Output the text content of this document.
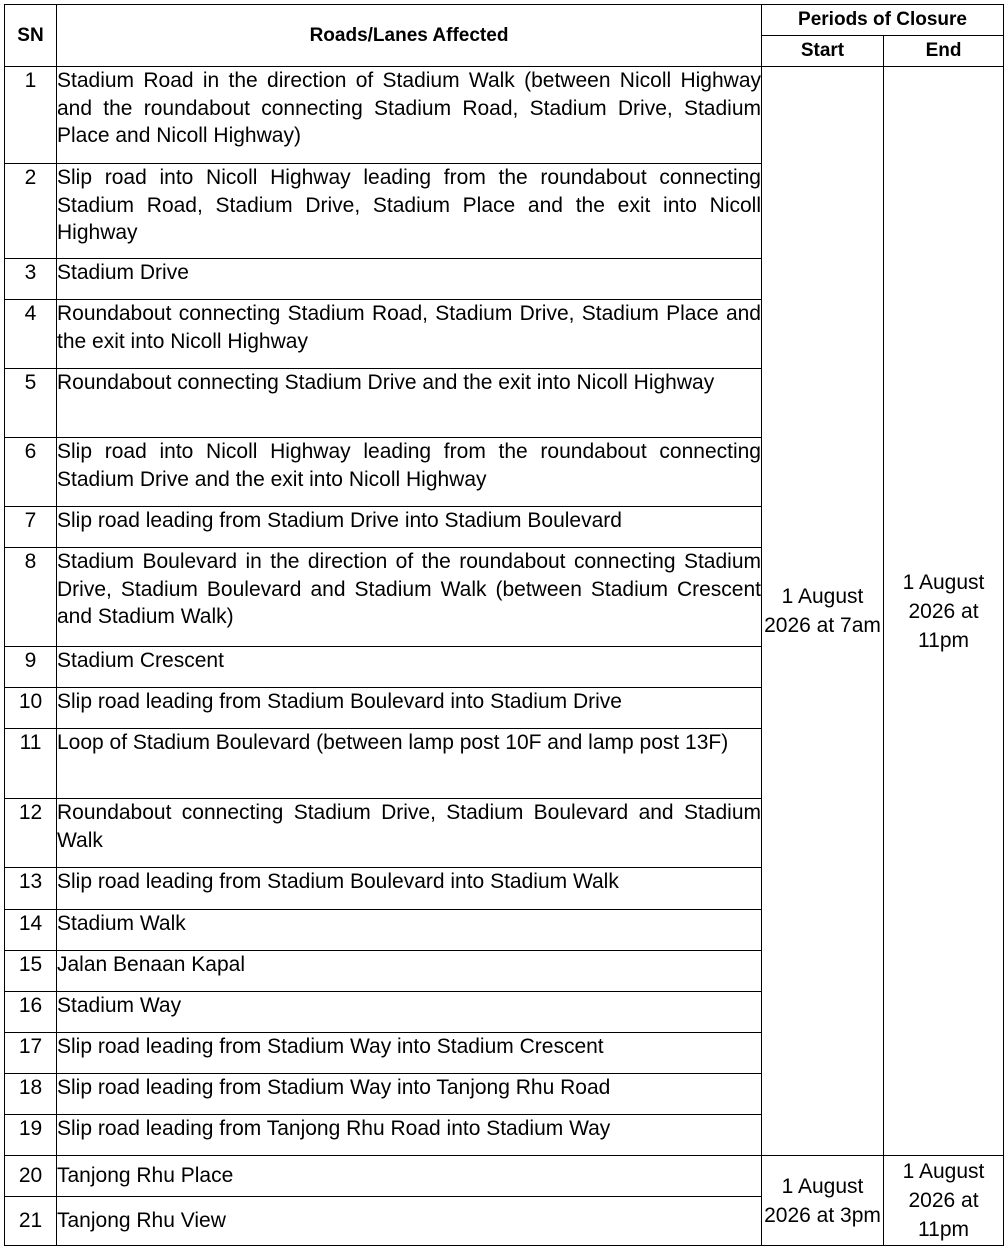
SN	Roads/Lanes Affected	Periods of Closure	
		Start	End
1	Stadium Road in the direction of Stadium Walk (between Nicoll Highway and the roundabout connecting Stadium Road, Stadium Drive, Stadium Place and Nicoll Highway)	1 August 2026 at 7am	1 August 2026 at 11pm
2	Slip road into Nicoll Highway leading from the roundabout connecting Stadium Road, Stadium Drive, Stadium Place and the exit into Nicoll Highway		
3	Stadium Drive		
4	Roundabout connecting Stadium Road, Stadium Drive, Stadium Place and the exit into Nicoll Highway		
5	Roundabout connecting Stadium Drive and the exit into Nicoll Highway		
6	Slip road into Nicoll Highway leading from the roundabout connecting Stadium Drive and the exit into Nicoll Highway		
7	Slip road leading from Stadium Drive into Stadium Boulevard		
8	Stadium Boulevard in the direction of the roundabout connecting Stadium Drive, Stadium Boulevard and Stadium Walk (between Stadium Crescent and Stadium Walk)		
9	Stadium Crescent		
10	Slip road leading from Stadium Boulevard into Stadium Drive		
11	Loop of Stadium Boulevard (between lamp post 10F and lamp post 13F)		
12	Roundabout connecting Stadium Drive, Stadium Boulevard and Stadium Walk		
13	Slip road leading from Stadium Boulevard into Stadium Walk		
14	Stadium Walk		
15	Jalan Benaan Kapal		
16	Stadium Way		
17	Slip road leading from Stadium Way into Stadium Crescent		
18	Slip road leading from Stadium Way into Tanjong Rhu Road		
19	Slip road leading from Tanjong Rhu Road into Stadium Way		
20	Tanjong Rhu Place	1 August 2026 at 3pm	1 August 2026 at 11pm
21	Tanjong Rhu View		
